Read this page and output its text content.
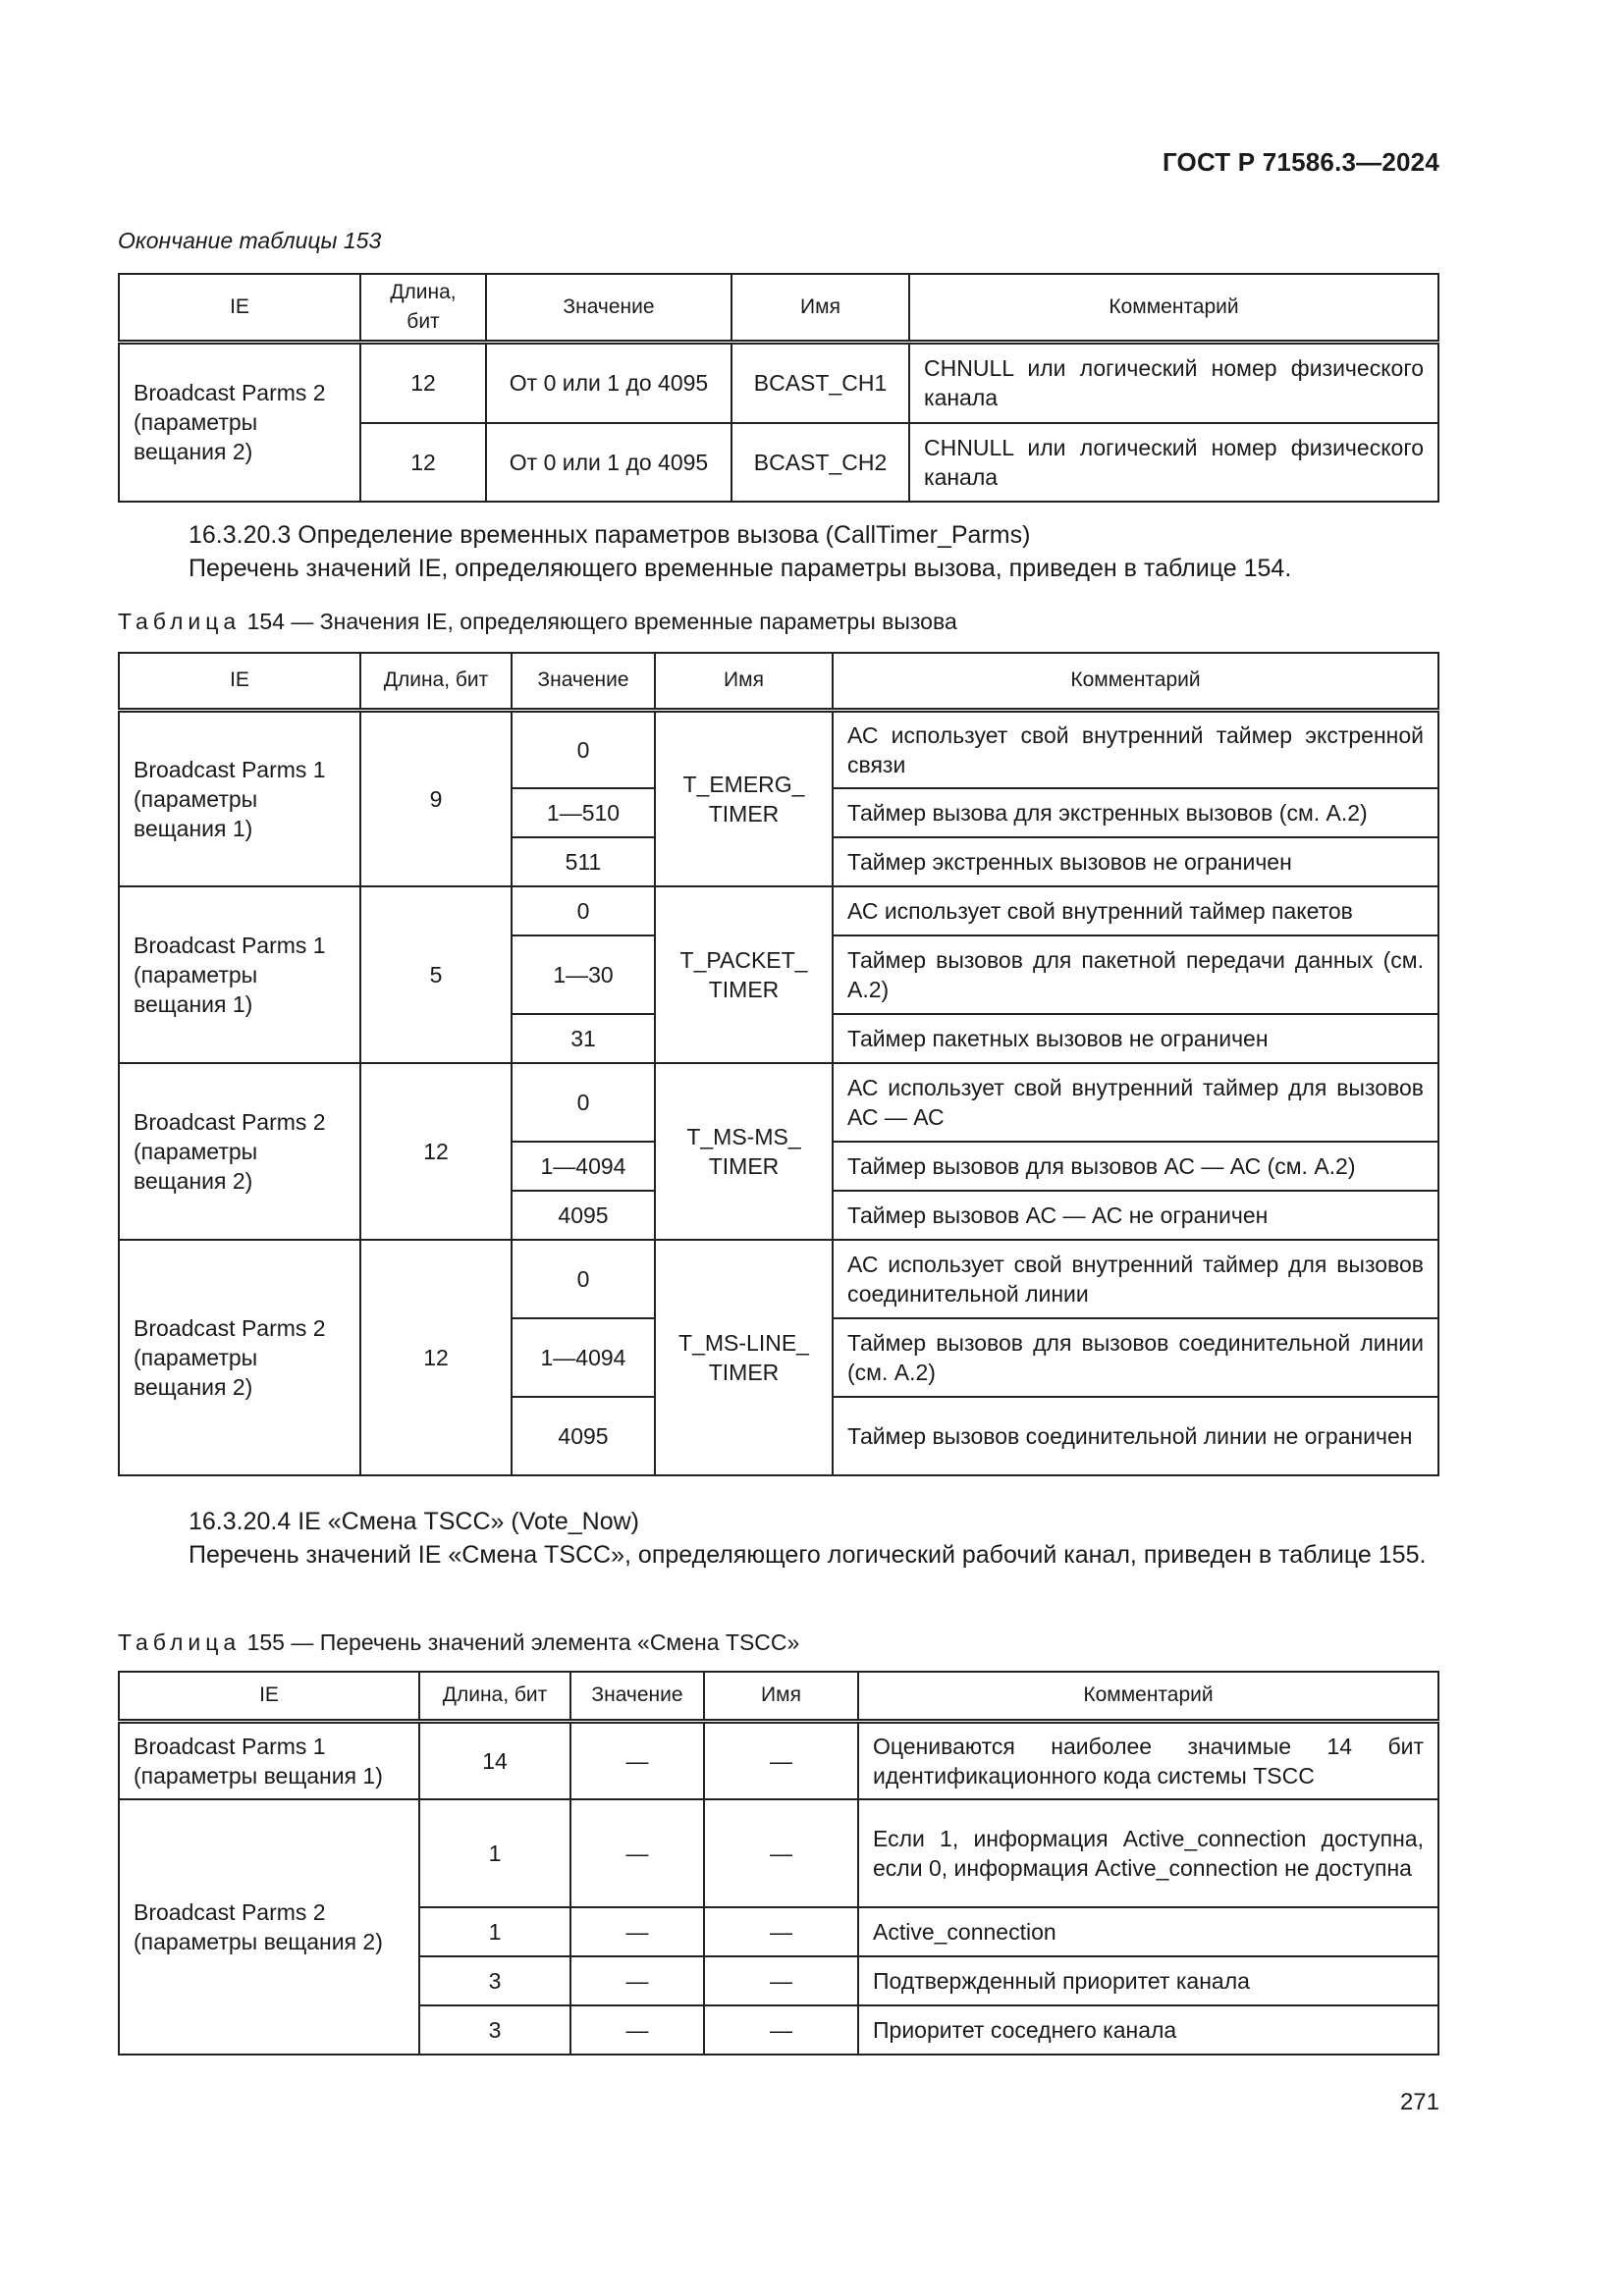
ГОСТ Р 71586.3—2024
Окончание таблицы 153
IE	Длина, бит	Значение	Имя	Комментарий
Broadcast Parms 2 (параметры вещания 2)	12	От 0 или 1 до 4095	BCAST_CH1	CHNULL или логический номер физического канала
	12	От 0 или 1 до 4095	BCAST_CH2	CHNULL или логический номер физического канала
16.3.20.3 Определение временных параметров вызова (CallTimer_Parms)
Перечень значений IE, определяющего временные параметры вызова, приведен в таблице 154.
Таблица 154 — Значения IE, определяющего временные параметры вызова
IE	Длина, бит	Значение	Имя	Комментарий
Broadcast Parms 1 (параметры вещания 1)	9	0	T_EMERG_ TIMER	АС использует свой внутренний таймер экстренной связи
		1—510		Таймер вызова для экстренных вызовов (см. А.2)
		511		Таймер экстренных вызовов не ограничен
Broadcast Parms 1 (параметры вещания 1)	5	0	T_PACKET_ TIMER	АС использует свой внутренний таймер пакетов
		1—30		Таймер вызовов для пакетной передачи данных (см. А.2)
		31		Таймер пакетных вызовов не ограничен
Broadcast Parms 2 (параметры вещания 2)	12	0	T_MS-MS_ TIMER	АС использует свой внутренний таймер для вызовов АС — АС
		1—4094		Таймер вызовов для вызовов АС — АС (см. А.2)
		4095		Таймер вызовов АС — АС не ограничен
Broadcast Parms 2 (параметры вещания 2)	12	0	T_MS-LINE_ TIMER	АС использует свой внутренний таймер для вызовов соединительной линии
		1—4094		Таймер вызовов для вызовов соединительной линии (см. А.2)
		4095		Таймер вызовов соединительной линии не ограничен
16.3.20.4 IE «Смена TSCC» (Vote_Now)
Перечень значений IE «Смена TSCC», определяющего логический рабочий канал, приведен в таблице 155.
Таблица 155 — Перечень значений элемента «Смена TSCC»
IE	Длина, бит	Значение	Имя	Комментарий
Broadcast Parms 1 (параметры вещания 1)	14	—	—	Оцениваются наиболее значимые 14 бит идентификационного кода системы TSCC
Broadcast Parms 2 (параметры вещания 2)	1	—	—	Если 1, информация Active_connection доступна, если 0, информация Active_connection не доступна
	1	—	—	Active_connection
	3	—	—	Подтвержденный приоритет канала
	3	—	—	Приоритет соседнего канала
271
